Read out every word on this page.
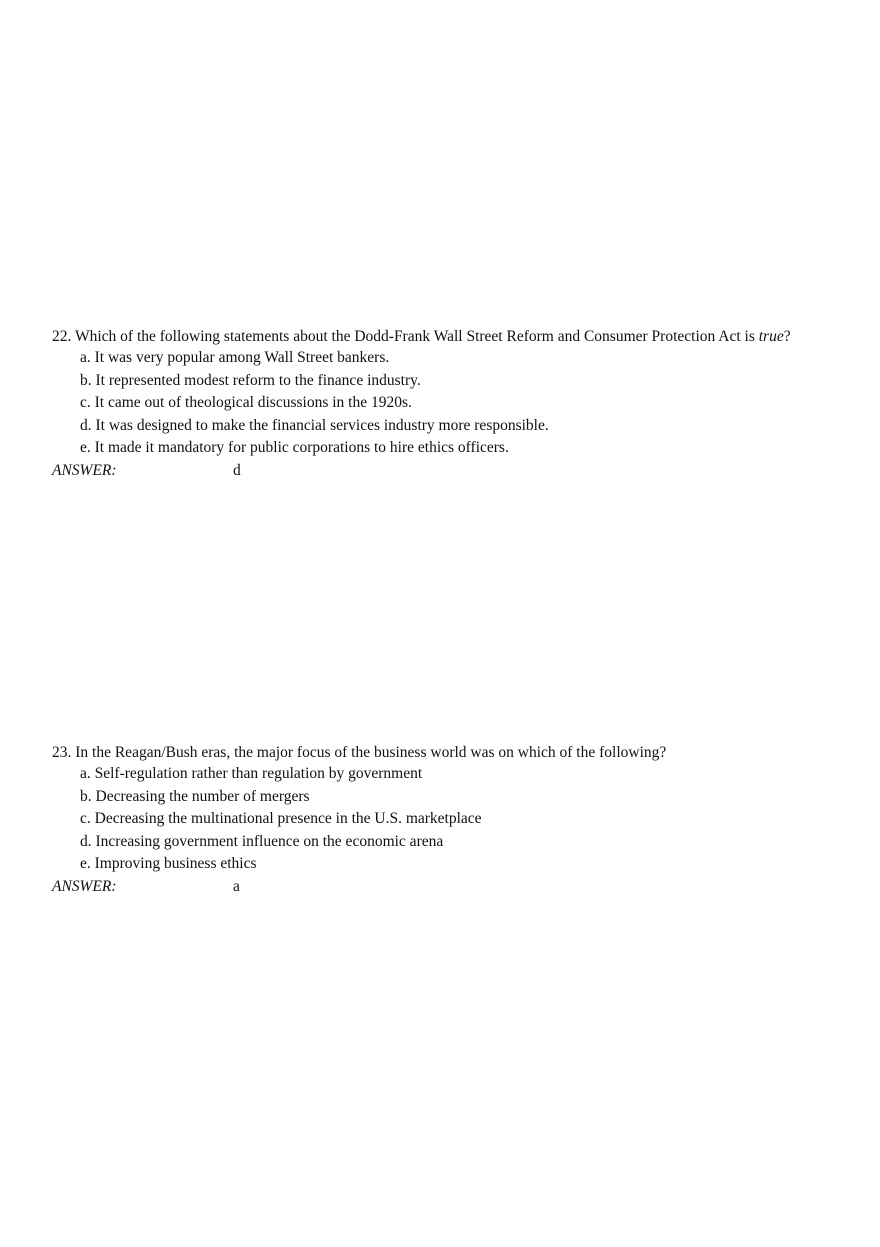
22. Which of the following statements about the Dodd-Frank Wall Street Reform and Consumer Protection Act is true?
a. It was very popular among Wall Street bankers.
b. It represented modest reform to the finance industry.
c. It came out of theological discussions in the 1920s.
d. It was designed to make the financial services industry more responsible.
e. It made it mandatory for public corporations to hire ethics officers.
ANSWER:	d
23. In the Reagan/Bush eras, the major focus of the business world was on which of the following?
a. Self-regulation rather than regulation by government
b. Decreasing the number of mergers
c. Decreasing the multinational presence in the U.S. marketplace
d. Increasing government influence on the economic arena
e. Improving business ethics
ANSWER:	a
